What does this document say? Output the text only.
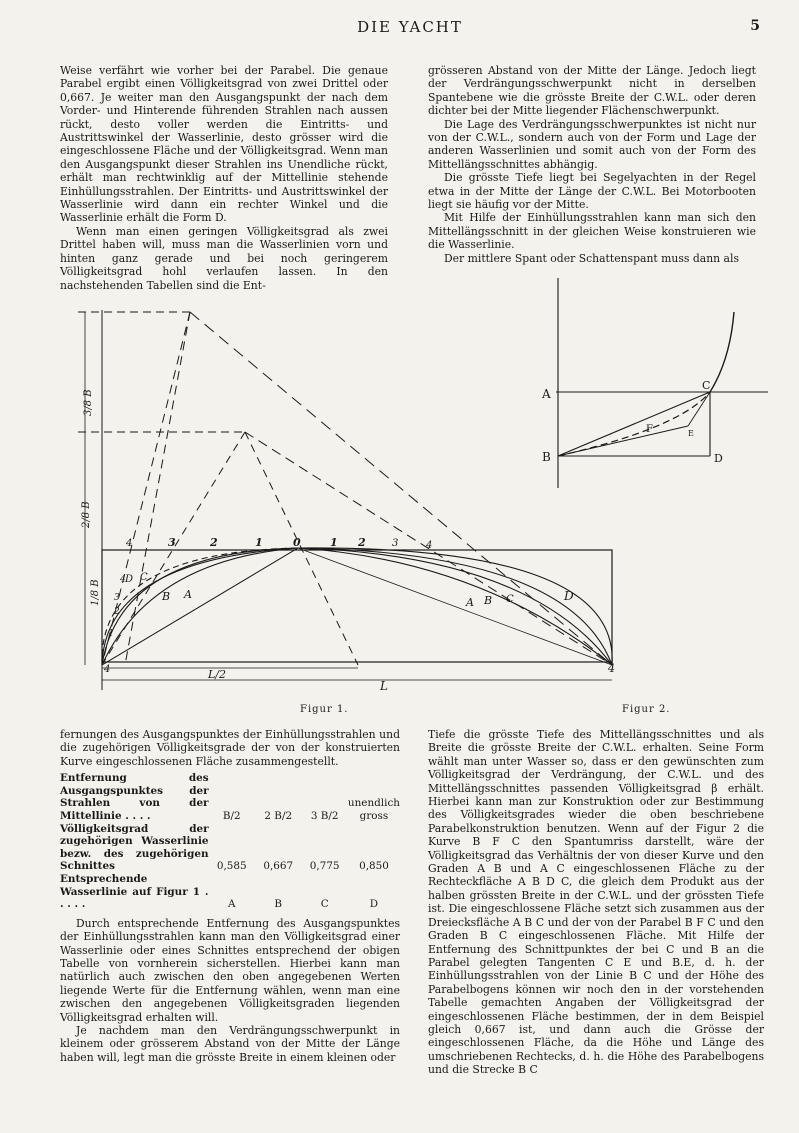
DIE YACHT	5

Weise verfährt wie vorher bei der Parabel. Die genaue Parabel ergibt einen Völligkeitsgrad von zwei Drittel oder 0,667. Je weiter man den Ausgangspunkt der nach dem Vorder- und Hinterende führenden Strahlen nach aussen rückt, desto voller werden die Eintritts- und Austrittswinkel der Wasserlinie, desto grösser wird die eingeschlossene Fläche und der Völligkeitsgrad. Wenn man den Ausgangspunkt dieser Strahlen ins Unendliche rückt, erhält man rechtwinklig auf der Mittellinie stehende Einhüllungsstrahlen. Der Eintritts- und Austrittswinkel der Wasserlinie wird dann ein rechter Winkel und die Wasserlinie erhält die Form D.

Wenn man einen geringen Völligkeitsgrad als zwei Drittel haben will, muss man die Wasserlinien vorn und hinten ganz gerade und bei noch geringerem Völligkeitsgrad hohl verlaufen lassen. In den nachstehenden Tabellen sind die Ent-

grösseren Abstand von der Mitte der Länge. Jedoch liegt der Verdrängungsschwerpunkt nicht in derselben Spantebene wie die grösste Breite der C.W.L. oder deren dichter bei der Mitte liegender Flächenschwerpunkt.

Die Lage des Verdrängungsschwerpunktes ist nicht nur von der C.W.L., sondern auch von der Form und Lage der anderen Wasserlinien und somit auch von der Form des Mittellängsschnittes abhängig.

Die grösste Tiefe liegt bei Segelyachten in der Regel etwa in der Mitte der Länge der C.W.L. Bei Motorbooten liegt sie häufig vor der Mitte.

Mit Hilfe der Einhüllungsstrahlen kann man sich den Mittellängsschnitt in der gleichen Weise konstruieren wie die Wasserlinie.

Der mittlere Spant oder Schattenspant muss dann als

3/8 B
2/8 B
1/8 B
L/2
L
0
4
4
4	3	2	1	1 2	3	4
D C
B A
A B C	D
4
3
2
1
A
B
C
D
E
F
Figur 1.	Figur 2.

fernungen des Ausgangspunktes der Einhüllungsstrahlen und die zugehörigen Völligkeitsgrade der von der konstruierten Kurve eingeschlossenen Fläche zusammengestellt.

Entfernung des Ausgangspunktes der Strahlen von der Mittellinie . . . .	B/2	2 B/2	3 B/2	unendlich gross
Völligkeitsgrad der zugehörigen Wasserlinie bezw. des zugehörigen Schnittes	0,585	0,667	0,775	0,850
Entsprechende Wasserlinie auf Figur 1 . . . . .	A	B	C	D

Durch entsprechende Entfernung des Ausgangspunktes der Einhüllungsstrahlen kann man den Völligkeitsgrad einer Wasserlinie oder eines Schnittes entsprechend der obigen Tabelle von vornherein sicherstellen. Hierbei kann man natürlich auch zwischen den oben angegebenen Werten liegende Werte für die Entfernung wählen, wenn man eine zwischen den angegebenen Völligkeitsgraden liegenden Völligkeitsgrad erhalten will.

Je nachdem man den Verdrängungsschwerpunkt in kleinem oder grösserem Abstand von der Mitte der Länge haben will, legt man die grösste Breite in einem kleinen oder

Tiefe die grösste Tiefe des Mittellängsschnittes und als Breite die grösste Breite der C.W.L. erhalten. Seine Form wählt man unter Wasser so, dass er den gewünschten zum Völligkeitsgrad der Verdrängung, der C.W.L. und des Mittellängsschnittes passenden Völligkeitsgrad β erhält. Hierbei kann man zur Konstruktion oder zur Bestimmung des Völligkeitsgrades wieder die oben beschriebene Parabelkonstruktion benutzen. Wenn auf der Figur 2 die Kurve B F C den Spantumriss darstellt, wäre der Völligkeitsgrad das Verhältnis der von dieser Kurve und den Graden A B und A C eingeschlossenen Fläche zu der Rechteckfläche A B D C, die gleich dem Produkt aus der halben grössten Breite in der C.W.L. und der grössten Tiefe ist. Die eingeschlossene Fläche setzt sich zusammen aus der Dreiecksfläche A B C und der von der Parabel B F C und den Graden B C eingeschlossenen Fläche. Mit Hilfe der Entfernung des Schnittpunktes der bei C und B an die Parabel gelegten Tangenten C E und B.E, d. h. der Einhüllungsstrahlen von der Linie B C und der Höhe des Parabelbogens können wir noch den in der vorstehenden Tabelle gemachten Angaben der Völligkeitsgrad der eingeschlossenen Fläche bestimmen, der in dem Beispiel gleich 0,667 ist, und dann auch die Grösse der eingeschlossenen Fläche, da die Höhe und Länge des umschriebenen Rechtecks, d. h. die Höhe des Parabelbogens und die Strecke B C
